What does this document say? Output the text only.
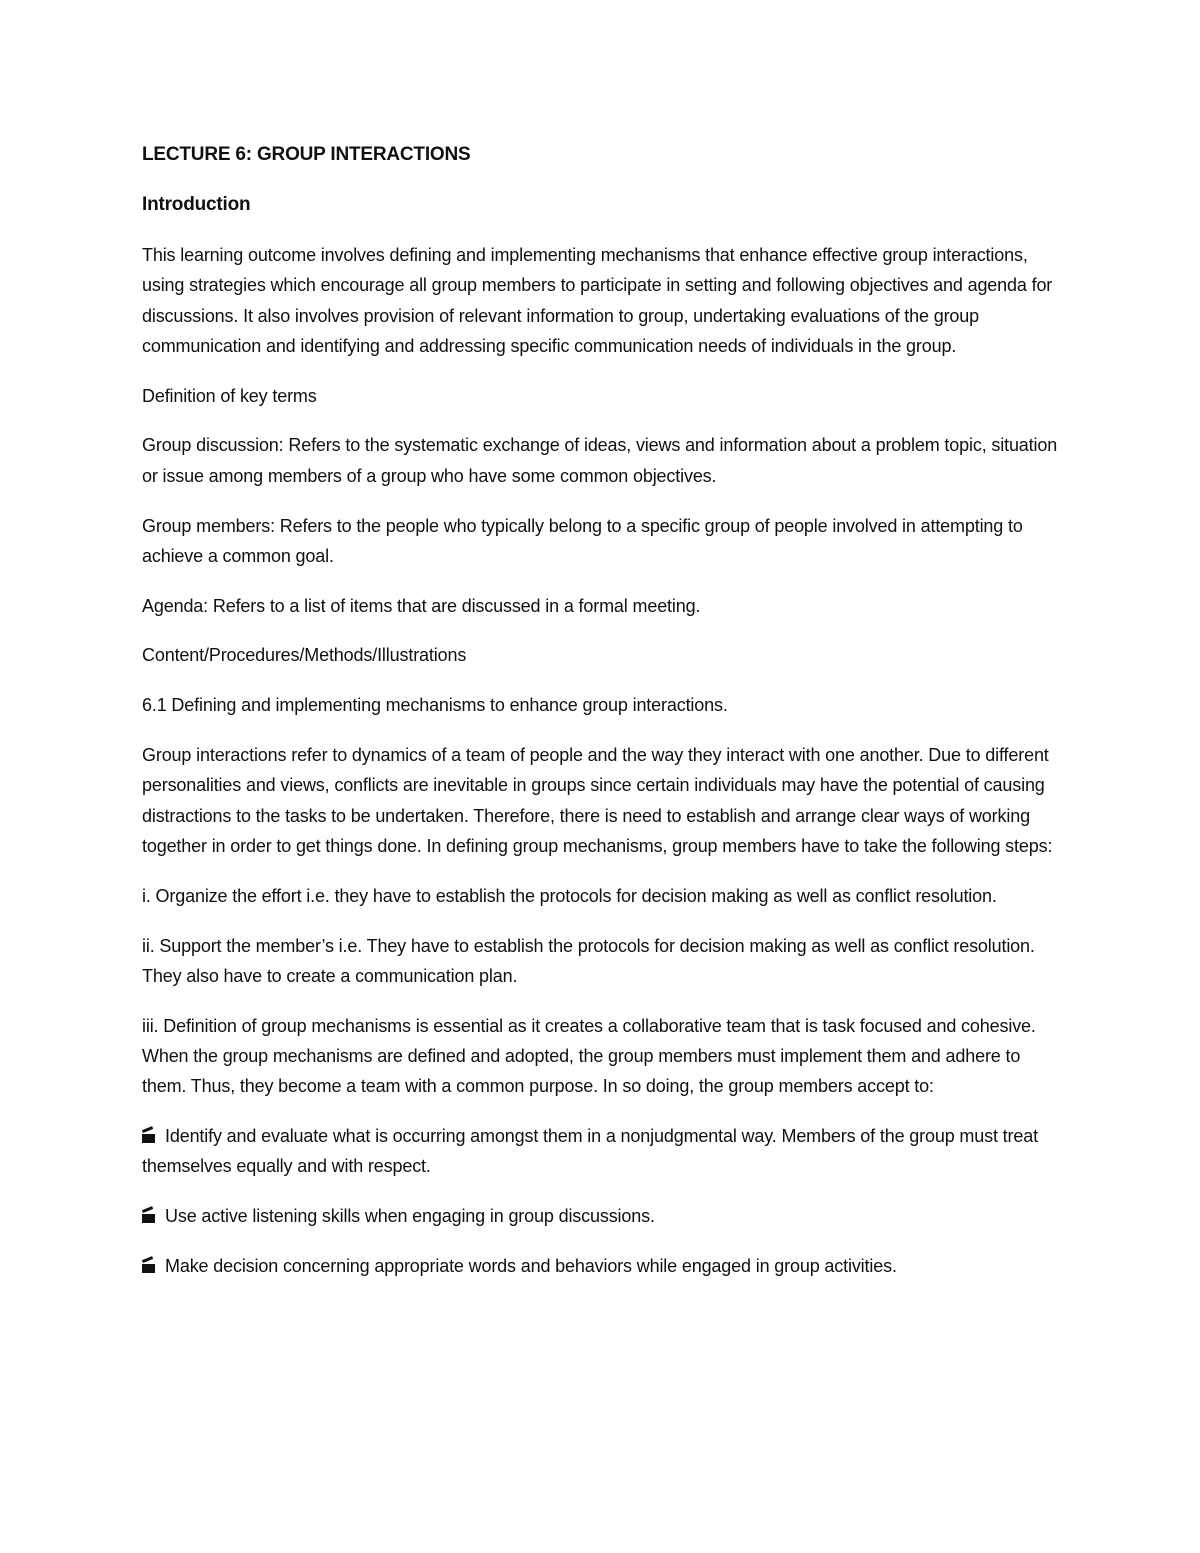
LECTURE 6: GROUP INTERACTIONS
Introduction

This learning outcome involves defining and implementing mechanisms that enhance effective group interactions, using strategies which encourage all group members to participate in setting and following objectives and agenda for discussions. It also involves provision of relevant information to group, undertaking evaluations of the group communication and identifying and addressing specific communication needs of individuals in the group.

Definition of key terms

Group discussion: Refers to the systematic exchange of ideas, views and information about a problem topic, situation or issue among members of a group who have some common objectives.

Group members: Refers to the people who typically belong to a specific group of people involved in attempting to achieve a common goal.

Agenda: Refers to a list of items that are discussed in a formal meeting.

Content/Procedures/Methods/Illustrations

6.1 Defining and implementing mechanisms to enhance group interactions.

Group interactions refer to dynamics of a team of people and the way they interact with one another. Due to different personalities and views, conflicts are inevitable in groups since certain individuals may have the potential of causing distractions to the tasks to be undertaken. Therefore, there is need to establish and arrange clear ways of working together in order to get things done. In defining group mechanisms, group members have to take the following steps:

i. Organize the effort i.e. they have to establish the protocols for decision making as well as conflict resolution.

ii. Support the member’s i.e. They have to establish the protocols for decision making as well as conflict resolution. They also have to create a communication plan.

iii. Definition of group mechanisms is essential as it creates a collaborative team that is task focused and cohesive. When the group mechanisms are defined and adopted, the group members must implement them and adhere to them. Thus, they become a team with a common purpose. In so doing, the group members accept to:

Identify and evaluate what is occurring amongst them in a nonjudgmental way. Members of the group must treat themselves equally and with respect.

Use active listening skills when engaging in group discussions.

Make decision concerning appropriate words and behaviors while engaged in group activities.
